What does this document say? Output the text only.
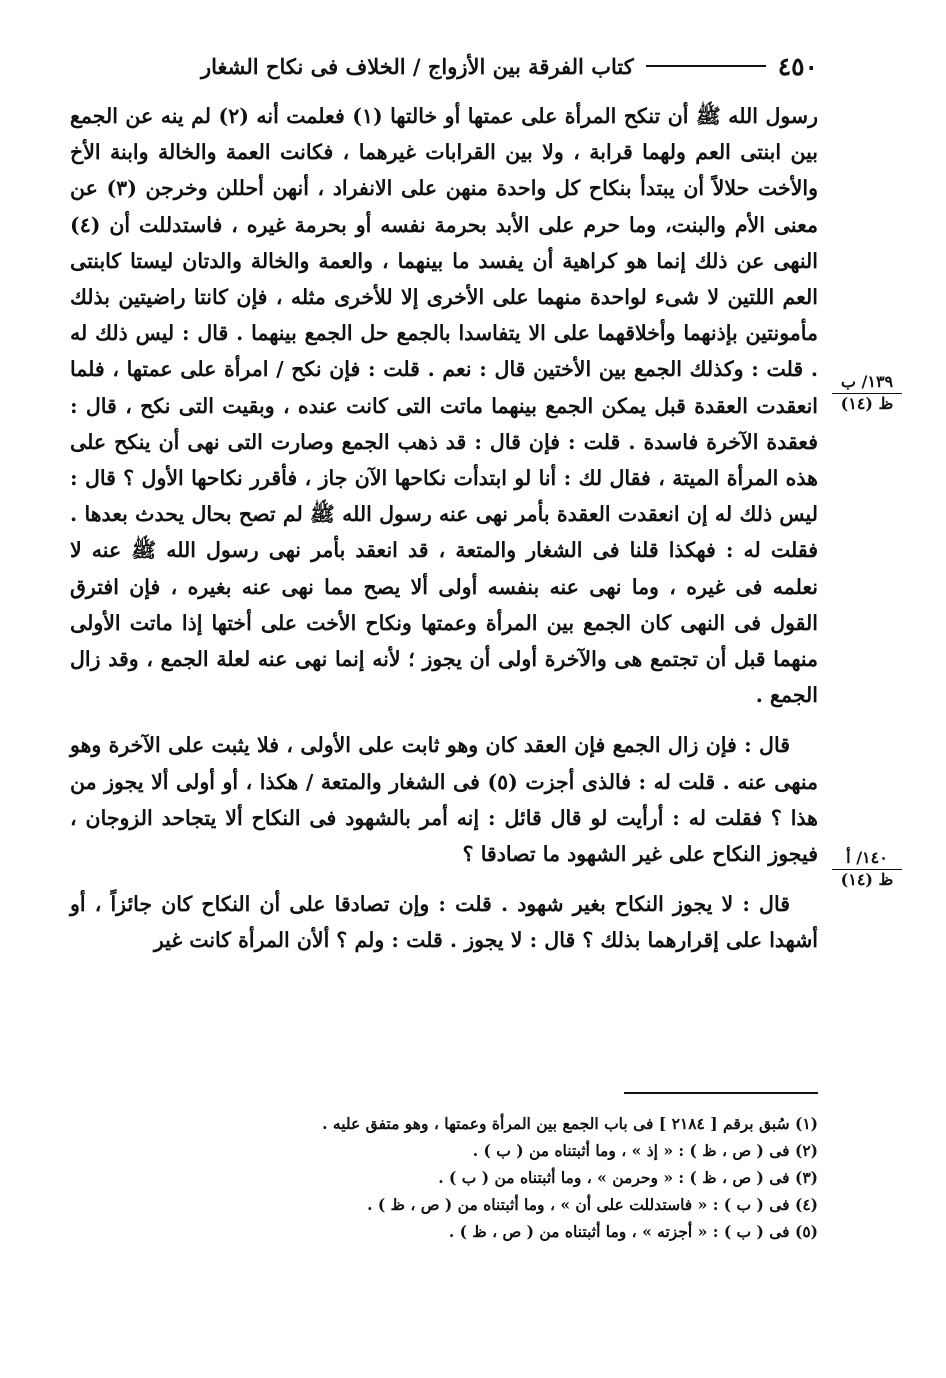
٤٥٠
كتاب الفرقة بين الأزواج / الخلاف فى نكاح الشغار

رسول الله ﷺ أن تنكح المرأة على عمتها أو خالتها (١) فعلمت أنه (٢) لم ينه عن الجمع بين ابنتى العم ولهما قرابة ، ولا بين القرابات غيرهما ، فكانت العمة والخالة وابنة الأخ والأخت حلالاً أن يبتدأ بنكاح كل واحدة منهن على الانفراد ، أنهن أحللن وخرجن (٣) عن معنى الأم والبنت، وما حرم على الأبد بحرمة نفسه أو بحرمة غيره ، فاستدللت أن (٤) النهى عن ذلك إنما هو كراهية أن يفسد ما بينهما ، والعمة والخالة والدتان ليستا كابنتى العم اللتين لا شىء لواحدة منهما على الأخرى إلا للأخرى مثله ، فإن كانتا راضيتين بذلك مأمونتين بإذنهما وأخلاقهما على الا يتفاسدا بالجمع حل الجمع بينهما . قال : ليس ذلك له . قلت : وكذلك الجمع بين الأختين قال : نعم . قلت : فإن نكح / امرأة على عمتها ، فلما انعقدت العقدة قبل يمكن الجمع بينهما ماتت التى كانت عنده ، وبقيت التى نكح ، قال : فعقدة الآخرة فاسدة . قلت : فإن قال : قد ذهب الجمع وصارت التى نهى أن ينكح على هذه المرأة الميتة ، فقال لك : أنا لو ابتدأت نكاحها الآن جاز ، فأقرر نكاحها الأول ؟ قال : ليس ذلك له إن انعقدت العقدة بأمر نهى عنه رسول الله ﷺ لم تصح بحال يحدث بعدها . فقلت له : فهكذا قلنا فى الشغار والمتعة ، قد انعقد بأمر نهى رسول الله ﷺ عنه لا نعلمه فى غيره ، وما نهى عنه بنفسه أولى ألا يصح مما نهى عنه بغيره ، فإن افترق القول فى النهى كان الجمع بين المرأة وعمتها ونكاح الأخت على أختها إذا ماتت الأولى منهما قبل أن تجتمع هى والآخرة أولى أن يجوز ؛ لأنه إنما نهى عنه لعلة الجمع ، وقد زال الجمع .

قال : فإن زال الجمع فإن العقد كان وهو ثابت على الأولى ، فلا يثبت على الآخرة وهو منهى عنه . قلت له : فالذى أجزت (٥) فى الشغار والمتعة / هكذا ، أو أولى ألا يجوز من هذا ؟ فقلت له : أرأيت لو قال قائل : إنه أمر بالشهود فى النكاح ألا يتجاحد الزوجان ، فيجوز النكاح على غير الشهود ما تصادقا ؟

قال : لا يجوز النكاح بغير شهود . قلت : وإن تصادقا على أن النكاح كان جائزاً ، أو أشهدا على إقرارهما بذلك ؟ قال : لا يجوز . قلت : ولم ؟ ألأن المرأة كانت غير

١٣٩/ ب
ظ (١٤)
١٤٠/ أ
ظ (١٤)
(١) سُبق برقم [ ٢١٨٤ ] فى باب الجمع بين المرأة وعمتها ، وهو متفق عليه .
(٢) فى ( ص ، ظ ) : « إذ » ، وما أثبتناه من ( ب ) .
(٣) فى ( ص ، ظ ) : « وحرمن » ، وما أثبتناه من ( ب ) .
(٤) فى ( ب ) : « فاستدللت على أن » ، وما أثبتناه من ( ص ، ظ ) .
(٥) فى ( ب ) : « أجزته » ، وما أثبتناه من ( ص ، ظ ) .
